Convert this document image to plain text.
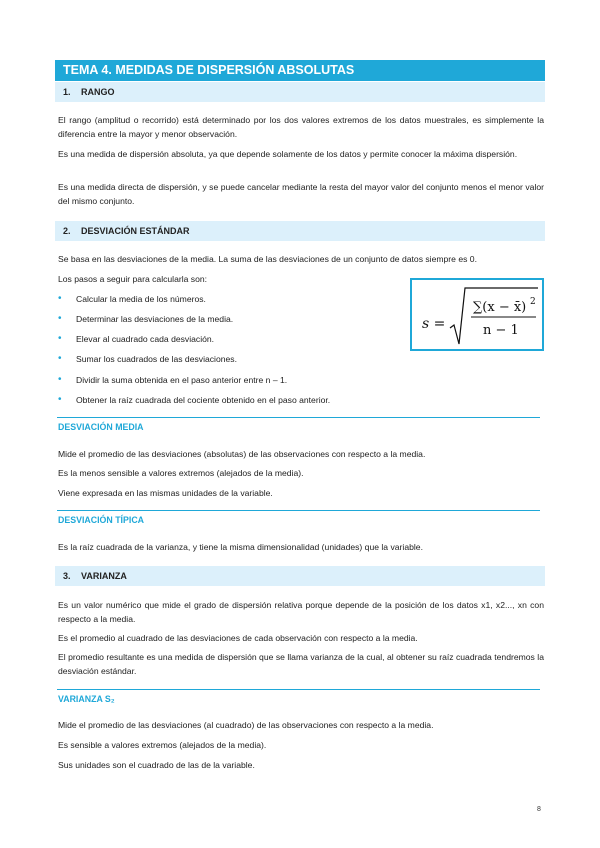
TEMA 4. MEDIDAS DE DISPERSIÓN ABSOLUTAS
1. RANGO

El rango (amplitud o recorrido) está determinado por los dos valores extremos de los datos muestrales, es simplemente la diferencia entre la mayor y menor observación.

Es una medida de dispersión absoluta, ya que depende solamente de los datos y permite conocer la máxima dispersión.

Es una medida directa de dispersión, y se puede cancelar mediante la resta del mayor valor del conjunto menos el menor valor del mismo conjunto.

2. DESVIACIÓN ESTÁNDAR

Se basa en las desviaciones de la media. La suma de las desviaciones de un conjunto de datos siempre es 0.

Los pasos a seguir para calcularla son:

• Calcular la media de los números.
• Determinar las desviaciones de la media.
• Elevar al cuadrado cada desviación.
• Sumar los cuadrados de las desviaciones.
• Dividir la suma obtenida en el paso anterior entre n – 1.
• Obtener la raíz cuadrada del cociente obtenido en el paso anterior.
s =
∑(x − x̄) 2
n − 1
DESVIACIÓN MEDIA

Mide el promedio de las desviaciones (absolutas) de las observaciones con respecto a la media.

Es la menos sensible a valores extremos (alejados de la media).

Viene expresada en las mismas unidades de la variable.

DESVIACIÓN TÍPICA

Es la raíz cuadrada de la varianza, y tiene la misma dimensionalidad (unidades) que la variable.

3. VARIANZA

Es un valor numérico que mide el grado de dispersión relativa porque depende de la posición de los datos x1, x2..., xn con respecto a la media.

Es el promedio al cuadrado de las desviaciones de cada observación con respecto a la media.

El promedio resultante es una medida de dispersión que se llama varianza de la cual, al obtener su raíz cuadrada tendremos la desviación estándar.

VARIANZA S₂

Mide el promedio de las desviaciones (al cuadrado) de las observaciones con respecto a la media.

Es sensible a valores extremos (alejados de la media).

Sus unidades son el cuadrado de las de la variable.

8
